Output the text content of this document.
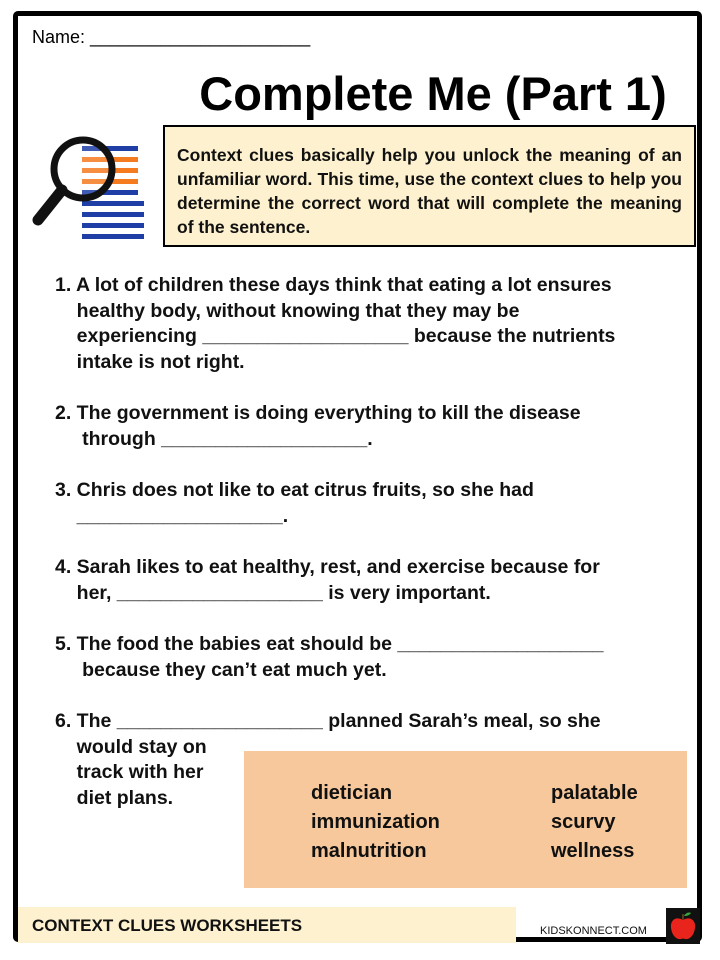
Name: ______________________
Complete Me (Part 1)
Context clues basically help you unlock the meaning of an unfamiliar word. This time, use the context clues to help you determine the correct word that will complete the meaning of the sentence.
1. A lot of children these days think that eating a lot ensures
healthy body, without knowing that they may be
experiencing ___________________ because the nutrients
intake is not right.
2. The government is doing everything to kill the disease
through ___________________.
3. Chris does not like to eat citrus fruits, so she had
___________________.
4. Sarah likes to eat healthy, rest, and exercise because for
her, ___________________ is very important.
5. The food the babies eat should be ___________________
because they can’t eat much yet.
6. The ___________________ planned Sarah’s meal, so she
would stay on
track with her
diet plans.	dietician
immunization
malnutrition
palatable
scurvy
wellness
CONTEXT CLUES WORKSHEETS	KIDSKONNECT.COM
